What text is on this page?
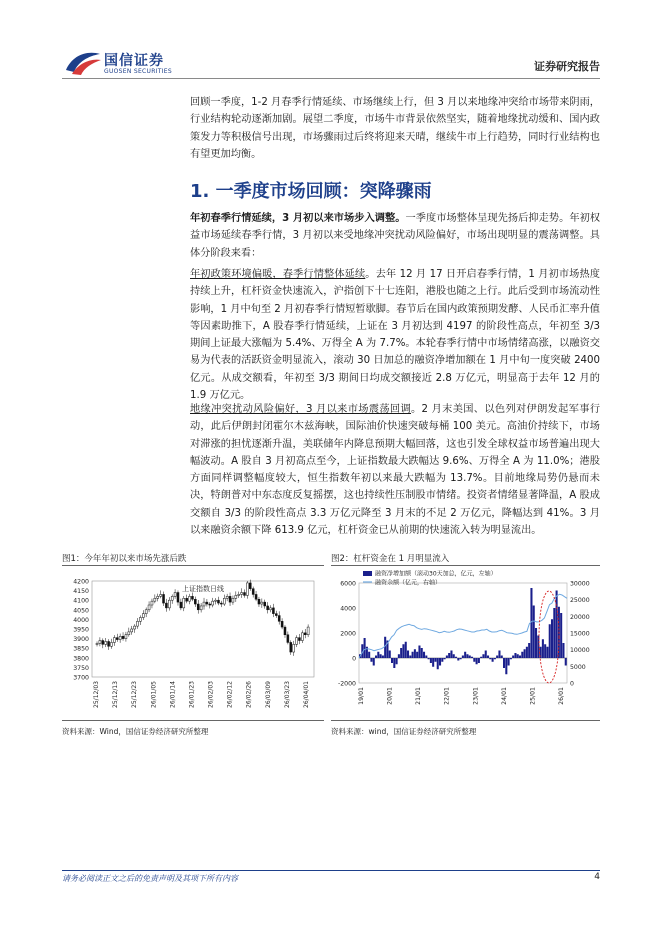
国信证券
GUOSEN SECURITIES	证券研究报告
回顾一季度，1-2 月春季行情延续、市场继续上行，但 3 月以来地缘冲突给市场带来阴雨，行业结构轮动逐渐加剧。展望二季度，市场牛市背景依然坚实，随着地缘扰动缓和、国内政策发力等积极信号出现，市场骤雨过后终将迎来天晴，继续牛市上行趋势，同时行业结构也有望更加均衡。
1. 一季度市场回顾：突降骤雨
年初春季行情延续，3 月初以来市场步入调整。一季度市场整体呈现先扬后抑走势。年初权益市场延续春季行情，3 月初以来受地缘冲突扰动风险偏好，市场出现明显的震荡调整。具体分阶段来看：
年初政策环境偏暖，春季行情整体延续。去年 12 月 17 日开启春季行情，1 月初市场热度持续上升，杠杆资金快速流入，沪指创下十七连阳，港股也随之上行。此后受到市场流动性影响，1 月中旬至 2 月初春季行情短暂歇脚。春节后在国内政策预期发酵、人民币汇率升值等因素助推下，A 股春季行情延续，上证在 3 月初达到 4197 的阶段性高点，年初至 3/3 期间上证最大涨幅为 5.4%、万得全 A 为 7.7%。本轮春季行情中市场情绪高涨，以融资交易为代表的活跃资金明显流入，滚动 30 日加总的融资净增加额在 1 月中旬一度突破 2400 亿元。从成交额看，年初至 3/3 期间日均成交额接近 2.8 万亿元，明显高于去年 12 月的 1.9 万亿元。
地缘冲突扰动风险偏好，3 月以来市场震荡回调。2 月末美国、以色列对伊朗发起军事行动，此后伊朗封闭霍尔木兹海峡，国际油价快速突破每桶 100 美元。高油价持续下，市场对滞涨的担忧逐渐升温，美联储年内降息预期大幅回落，这也引发全球权益市场普遍出现大幅波动。A 股自 3 月初高点至今，上证指数最大跌幅达 9.6%、万得全 A 为 11.0%；港股方面同样调整幅度较大，恒生指数年初以来最大跌幅为 13.7%。目前地缘局势仍悬而未决，特朗普对中东态度反复摇摆，这也持续性压制股市情绪。投资者情绪显著降温，A 股成交额自 3/3 的阶段性高点 3.3 万亿元降至 3 月末的不足 2 万亿元，降幅达到 41%。3 月以来融资余额下降 613.9 亿元，杠杆资金已从前期的快速流入转为明显流出。
图1：今年年初以来市场先涨后跌
上证指数日线
4200
4150
4100
4050
4000
3950
3900
3850
3800
3750
3700
25/12/03 25/12/13 25/12/23 26/01/05 26/01/14 26/01/23 26/02/03 26/02/12 26/02/26 26/03/09 26/03/23 26/04/01
资料来源：Wind，国信证券经济研究所整理
图2：杠杆资金在 1 月明显流入
6000
4000
2000
0
-2000
30000
25000
20000
15000
10000
5000
0
融资净增加额（滚动30天加总，亿元，左轴）
融资余额（亿元，右轴）
19/01	20/01	21/01	22/01	23/01	24/01	25/01	26/01
资料来源：wind，国信证券经济研究所整理
请务必阅读正文之后的免责声明及其项下所有内容	4
